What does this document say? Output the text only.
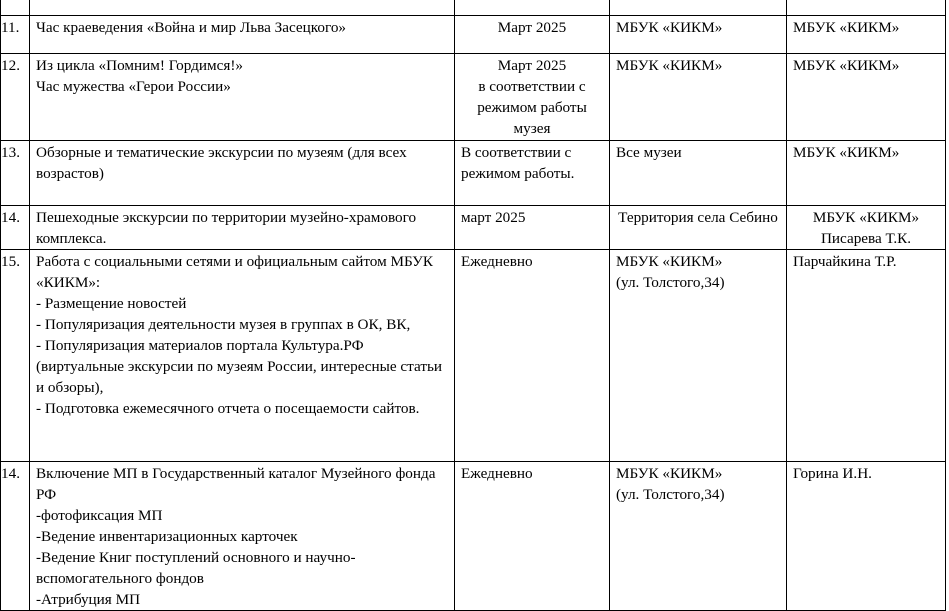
11.	Час краеведения «Война и мир Льва Засецкого»	Март 2025	МБУК «КИКМ»	МБУК «КИКМ»

12.	Из цикла «Помним! Гордимся!»
Час мужества «Герои России»	Март 2025
в соответствии с режимом работы музея	МБУК «КИКМ»	МБУК «КИКМ»

13.	Обзорные и тематические экскурсии по музеям (для всех возрастов)	В соответствии с режимом работы.	Все музеи	МБУК «КИКМ»

14.	Пешеходные экскурсии по территории музейно-храмового комплекса.	март 2025	Территория села Себино	МБУК «КИКМ»
Писарева Т.К.

15.	Работа с социальными сетями и официальным сайтом МБУК «КИКМ»:
- Размещение новостей
- Популяризация деятельности музея в группах в ОК, ВК,
- Популяризация материалов портала Культура.РФ (виртуальные экскурсии по музеям России, интересные статьи и обзоры),
- Подготовка ежемесячного отчета о посещаемости сайтов.	Ежедневно	МБУК «КИКМ»
(ул. Толстого,34)	Парчайкина Т.Р.

14.	Включение МП в Государственный каталог Музейного фонда РФ
-фотофиксация МП
-Ведение инвентаризационных карточек
-Ведение Книг поступлений основного и научно-вспомогательного фондов
-Атрибуция МП	Ежедневно	МБУК «КИКМ»
(ул. Толстого,34)	Горина И.Н.
